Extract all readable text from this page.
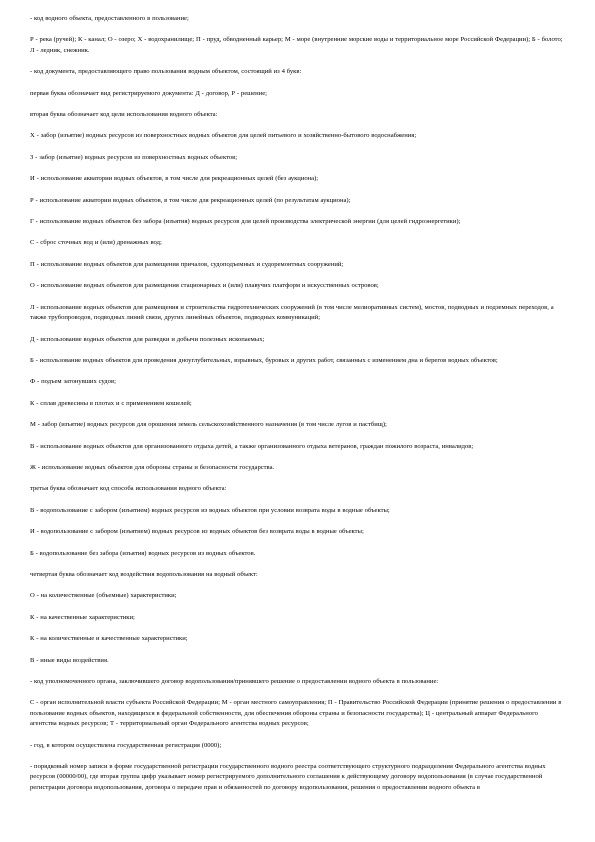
- код водного объекта, предоставленного в пользование;

Р - река (ручей); К - канал; О - озеро; Х - водохранилище; П - пруд, обводненный карьер; М - море (внутренние морские воды и территориальное море Российской Федерации); Б - болото; Л - ледник, снежник.

- код документа, предоставляющего право пользования водным объектом, состоящий из 4 букв:

первая буква обозначает вид регистрируемого документа: Д - договор, Р - решение;

вторая буква обозначает код цели использования водного объекта:

Х - забор (изъятие) водных ресурсов из поверхностных водных объектов для целей питьевого и хозяйственно-бытового водоснабжения;

З - забор (изъятие) водных ресурсов из поверхностных водных объектов;

И - использование акватории водных объектов, в том числе для рекреационных целей (без аукциона);

Р - использование акватории водных объектов, в том числе для рекреационных целей (по результатам аукциона);

Г - использование водных объектов без забора (изъятия) водных ресурсов для целей производства электрической энергии (для целей гидроэнергетики);

С - сброс сточных вод и (или) дренажных вод;

П - использование водных объектов для размещения причалов, судоподъемных и судоремонтных сооружений;

О - использование водных объектов для размещения стационарных и (или) плавучих платформ и искусственных островов;

Л - использование водных объектов для размещения и строительства гидротехнических сооружений (в том числе мелиоративных систем), мостов, подводных и подземных переходов, а также трубопроводов, подводных линий связи, других линейных объектов, подводных коммуникаций;

Д - использование водных объектов для разведки и добычи полезных ископаемых;

Б - использование водных объектов для проведения дноуглубительных, взрывных, буровых и других работ, связанных с изменением дна и берегов водных объектов;

Ф - подъем затонувших судов;

К - сплав древесины в плотах и с применением кошелей;

М - забор (изъятие) водных ресурсов для орошения земель сельскохозяйственного назначения (в том числе лугов и пастбищ);

В - использование водных объектов для организованного отдыха детей, а также организованного отдыха ветеранов, граждан пожилого возраста, инвалидов;

Ж - использование водных объектов для обороны страны и безопасности государства.

третья буква обозначает код способа использования водного объекта:

В - водопользование с забором (изъятием) водных ресурсов из водных объектов при условии возврата воды в водные объекты;

И - водопользование с забором (изъятием) водных ресурсов из водных объектов без возврата воды в водные объекты;

Б - водопользование без забора (изъятия) водных ресурсов из водных объектов.

четвертая буква обозначает код воздействия водопользования на водный объект:

О - на количественные (объемные) характеристики;

К - на качественные характеристики;

К - на количественные и качественные характеристики;

В - иные виды воздействия.

- код уполномоченного органа, заключившего договор водопользования/принявшего решение о предоставлении водного объекта в пользование:

С - орган исполнительной власти субъекта Российской Федерации; М - орган местного самоуправления; П - Правительство Российской Федерации (принятие решения о предоставлении в пользование водных объектов, находящихся в федеральной собственности, для обеспечения обороны страны и безопасности государства); Ц - центральный аппарат Федерального агентства водных ресурсов; Т - территориальный орган Федерального агентства водных ресурсов;

- год, в котором осуществлена государственная регистрация (0000);

- порядковый номер записи в форме государственной регистрации государственного водного реестра соответствующего структурного подразделения Федерального агентства водных ресурсов (00000/00), где вторая группа цифр указывает номер регистрируемого дополнительного соглашения к действующему договору водопользования (в случае государственной регистрации договора водопользования, договора о передаче прав и обязанностей по договору водопользования, решения о предоставлении водного объекта в
